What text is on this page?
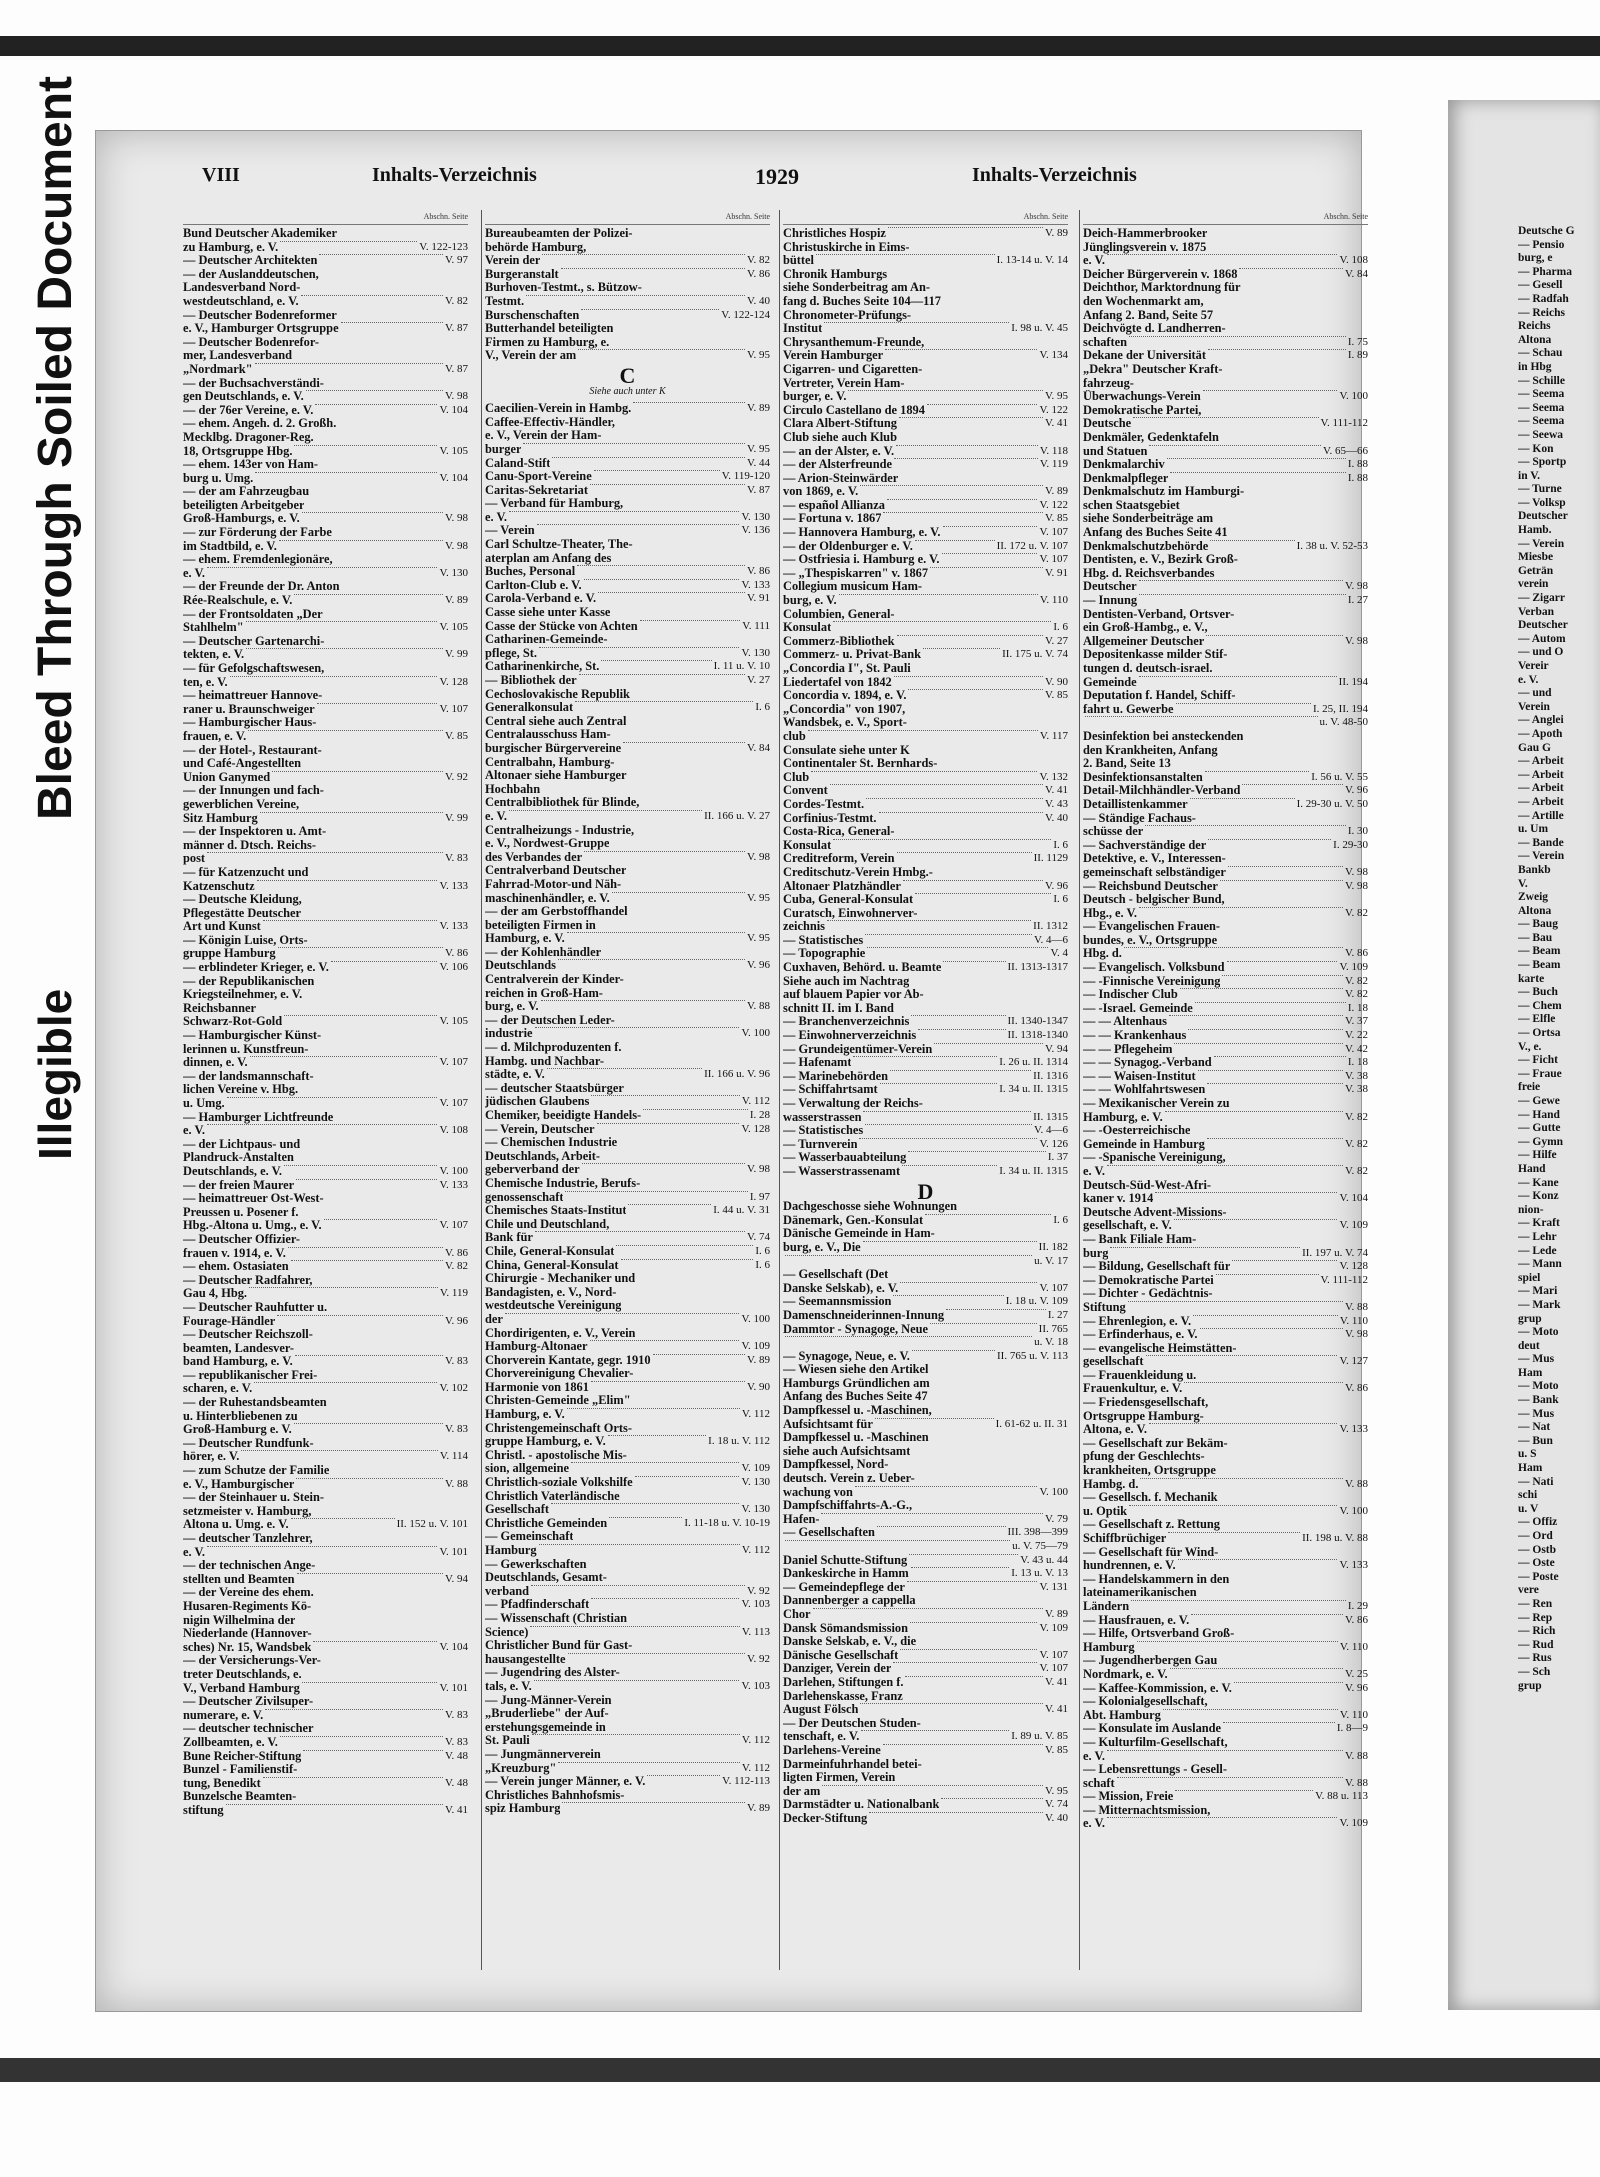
Deutsche G
— Pensio
burg, e
— Pharma
— Gesell
— Radfah
— Reichs
Reichs
Altona
— Schau
in Hbg
— Schille
— Seema
— Seema
— Seema
— Seewa
— Kon
— Sportp
in V.
— Turne
— Volksp
Deutscher
Hamb.
— Verein
Miesbe
Geträn
verein
— Zigarr
Verban
Deutscher
— Autom
— und O
Vereir
e. V.
— und
Verein
— Anglei
— Apoth
Gau G
— Arbeit
— Arbeit
— Arbeit
— Arbeit
— Artille
u. Um
— Bande
— Verein
Bankb
V.
Zweig
Altona
— Baug
— Bau
— Beam
— Beam
karte
— Buch
— Chem
— Elfle
— Ortsa
V., e.
— Ficht
— Fraue
freie
— Gewe
— Hand
— Gutte
— Gymn
— Hilfe
Hand
— Kane
— Konz
nion-
— Kraft
— Lehr
— Lede
— Mann
spiel
— Mari
— Mark
grup
— Moto
deut
— Mus
Ham
— Moto
— Bank
— Mus
— Nat
— Bun
u. S
Ham
— Nati
schi
u. V
— Offiz
— Ord
— Ostb
— Oste
— Poste
vere
— Ren
— Rep
— Rich
— Rud
— Rus
— Sch
grup
Illegible
Bleed Through Soiled Document	VIII	Inhalts-Verzeichnis	1929	Inhalts-Verzeichnis
Abschn. Seite
Bund Deutscher Akademiker
zu Hamburg, e. V.	V. 122-123
— Deutscher Architekten	V. 97
— der Auslanddeutschen,
Landesverband Nord-
westdeutschland, e. V.	V. 82
— Deutscher Bodenreformer
e. V., Hamburger Ortsgruppe	V. 87
— Deutscher Bodenrefor-
mer, Landesverband
„Nordmark"	V. 87
— der Buchsachverständi-
gen Deutschlands, e. V.	V. 98
— der 76er Vereine, e. V.	V. 104
— ehem. Angeh. d. 2. Großh.
Mecklbg. Dragoner-Reg.
18, Ortsgruppe Hbg.	V. 105
— ehem. 143er von Ham-
burg u. Umg.	V. 104
— der am Fahrzeugbau
beteiligten Arbeitgeber
Groß-Hamburgs, e. V.	V. 98
— zur Förderung der Farbe
im Stadtbild, e. V.	V. 98
— ehem. Fremdenlegionäre,
e. V.	V. 130
— der Freunde der Dr. Anton
Rée-Realschule, e. V.	V. 89
— der Frontsoldaten „Der
Stahlhelm"	V. 105
— Deutscher Gartenarchi-
tekten, e. V.	V. 99
— für Gefolgschaftswesen,
ten, e. V.	V. 128
— heimattreuer Hannove-
raner u. Braunschweiger	V. 107
— Hamburgischer Haus-
frauen, e. V.	V. 85
— der Hotel-, Restaurant-
und Café-Angestellten
Union Ganymed	V. 92
— der Innungen und fach-
gewerblichen Vereine,
Sitz Hamburg	V. 99
— der Inspektoren u. Amt-
männer d. Dtsch. Reichs-
post	V. 83
— für Katzenzucht und
Katzenschutz	V. 133
— Deutsche Kleidung,
Pflegestätte Deutscher
Art und Kunst	V. 133
— Königin Luise, Orts-
gruppe Hamburg	V. 86
— erblindeter Krieger, e. V.	V. 106
— der Republikanischen
Kriegsteilnehmer, e. V.
Reichsbanner
Schwarz-Rot-Gold	V. 105
— Hamburgischer Künst-
lerinnen u. Kunstfreun-
dinnen, e. V.	V. 107
— der landsmannschaft-
lichen Vereine v. Hbg.
u. Umg.	V. 107
— Hamburger Lichtfreunde
e. V.	V. 108
— der Lichtpaus- und
Plandruck-Anstalten
Deutschlands, e. V.	V. 100
— der freien Maurer	V. 133
— heimattreuer Ost-West-
Preussen u. Posener f.
Hbg.-Altona u. Umg., e. V.	V. 107
— Deutscher Offizier-
frauen v. 1914, e. V.	V. 86
— ehem. Ostasiaten	V. 82
— Deutscher Radfahrer,
Gau 4, Hbg.	V. 119
— Deutscher Rauhfutter u.
Fourage-Händler	V. 96
— Deutscher Reichszoll-
beamten, Landesver-
band Hamburg, e. V.	V. 83
— republikanischer Frei-
scharen, e. V.	V. 102
— der Ruhestandsbeamten
u. Hinterbliebenen zu
Groß-Hamburg e. V.	V. 83
— Deutscher Rundfunk-
hörer, e. V.	V. 114
— zum Schutze der Familie
e. V., Hamburgischer	V. 88
— der Steinhauer u. Stein-
setzmeister v. Hamburg,
Altona u. Umg. e. V.	II. 152 u. V. 101
— deutscher Tanzlehrer,
e. V.	V. 101
— der technischen Ange-
stellten und Beamten	V. 94
— der Vereine des ehem.
Husaren-Regiments Kö-
nigin Wilhelmina der
Niederlande (Hannover-
sches) Nr. 15, Wandsbek	V. 104
— der Versicherungs-Ver-
treter Deutschlands, e.
V., Verband Hamburg	V. 101
— Deutscher Zivilsuper-
numerare, e. V.	V. 83
— deutscher technischer
Zollbeamten, e. V.	V. 83
Bune Reicher-Stiftung	V. 48
Bunzel - Familienstif-
tung, Benedikt	V. 48
Bunzelsche Beamten-
stiftung	V. 41
Abschn. Seite
Bureaubeamten der Polizei-
behörde Hamburg,
Verein der	V. 82
Burgeranstalt	V. 86
Burhoven-Testmt., s. Bützow-
Testmt.	V. 40
Burschenschaften	V. 122-124
Butterhandel beteiligten
Firmen zu Hamburg, e.
V., Verein der am	V. 95
C
Siehe auch unter K
Caecilien-Verein in Hambg.	V. 89
Caffee-Effectiv-Händler,
e. V., Verein der Ham-
burger	V. 95
Caland-Stift	V. 44
Canu-Sport-Vereine	V. 119-120
Caritas-Sekretariat	V. 87
— Verband für Hamburg,
e. V.	V. 130
— Verein	V. 136
Carl Schultze-Theater, The-
aterplan am Anfang des
Buches, Personal	V. 86
Carlton-Club e. V.	V. 133
Carola-Verband e. V.	V. 91
Casse siehe unter Kasse
Casse der Stücke von Achten	V. 111
Catharinen-Gemeinde-
pflege, St.	V. 130
Catharinenkirche, St.	I. 11 u. V. 10
— Bibliothek der	V. 27
Cechoslovakische Republik
Generalkonsulat	I. 6
Central siehe auch Zentral
Centralausschuss Ham-
burgischer Bürgervereine	V. 84
Centralbahn, Hamburg-
Altonaer siehe Hamburger
Hochbahn
Centralbibliothek für Blinde,
e. V.	II. 166 u. V. 27
Centralheizungs - Industrie,
e. V., Nordwest-Gruppe
des Verbandes der	V. 98
Centralverband Deutscher
Fahrrad-Motor-und Näh-
maschinenhändler, e. V.	V. 95
— der am Gerbstoffhandel
beteiligten Firmen in
Hamburg, e. V.	V. 95
— der Kohlenhändler
Deutschlands	V. 96
Centralverein der Kinder-
reichen in Groß-Ham-
burg, e. V.	V. 88
— der Deutschen Leder-
industrie	V. 100
— d. Milchproduzenten f.
Hambg. und Nachbar-
städte, e. V.	II. 166 u. V. 96
— deutscher Staatsbürger
jüdischen Glaubens	V. 112
Chemiker, beeidigte Handels-	I. 28
— Verein, Deutscher	V. 128
— Chemischen Industrie
Deutschlands, Arbeit-
geberverband der	V. 98
Chemische Industrie, Berufs-
genossenschaft	I. 97
Chemisches Staats-Institut	I. 44 u. V. 31
Chile und Deutschland,
Bank für	V. 74
Chile, General-Konsulat	I. 6
China, General-Konsulat	I. 6
Chirurgie - Mechaniker und
Bandagisten, e. V., Nord-
westdeutsche Vereinigung
der	V. 100
Chordirigenten, e. V., Verein
Hamburg-Altonaer	V. 109
Chorverein Kantate, gegr. 1910	V. 89
Chorvereinigung Chevalier-
Harmonie von 1861	V. 90
Christen-Gemeinde „Elim"
Hamburg, e. V.	V. 112
Christengemeinschaft Orts-
gruppe Hamburg, e. V.	I. 18 u. V. 112
Christl. - apostolische Mis-
sion, allgemeine	V. 109
Christlich-soziale Volkshilfe	V. 130
Christlich Vaterländische
Gesellschaft	V. 130
Christliche Gemeinden	I. 11-18 u. V. 10-19
— Gemeinschaft
Hamburg	V. 112
— Gewerkschaften
Deutschlands, Gesamt-
verband	V. 92
— Pfadfinderschaft	V. 103
— Wissenschaft (Christian
Science)	V. 113
Christlicher Bund für Gast-
hausangestellte	V. 92
— Jugendring des Alster-
tals, e. V.	V. 103
— Jung-Männer-Verein
„Bruderliebe" der Auf-
erstehungsgemeinde in
St. Pauli	V. 112
— Jungmännerverein
„Kreuzburg"	V. 112
— Verein junger Männer, e. V.	V. 112-113
Christliches Bahnhofsmis-
spiz Hamburg	V. 89
Abschn. Seite
Christliches Hospiz	V. 89
Christuskirche in Eims-
büttel	I. 13-14 u. V. 14
Chronik Hamburgs
siehe Sonderbeitrag am An-
fang d. Buches Seite 104—117
Chronometer-Prüfungs-
Institut	I. 98 u. V. 45
Chrysanthemum-Freunde,
Verein Hamburger	V. 134
Cigarren- und Cigaretten-
Vertreter, Verein Ham-
burger, e. V.	V. 95
Circulo Castellano de 1894	V. 122
Clara Albert-Stiftung	V. 41
Club siehe auch Klub
— an der Alster, e. V.	V. 118
— der Alsterfreunde	V. 119
— Arion-Steinwärder
von 1869, e. V.	V. 89
— español Allianza	V. 122
— Fortuna v. 1867	V. 85
— Hannovera Hamburg, e. V.	V. 107
— der Oldenburger e. V.	II. 172 u. V. 107
— Ostfriesia i. Hamburg e. V.	V. 107
— „Thespiskarren" v. 1867	V. 91
Collegium musicum Ham-
burg, e. V.	V. 110
Columbien, General-
Konsulat	I. 6
Commerz-Bibliothek	V. 27
Commerz- u. Privat-Bank	II. 175 u. V. 74
„Concordia I", St. Pauli
Liedertafel von 1842	V. 90
Concordia v. 1894, e. V.	V. 85
„Concordia" von 1907,
Wandsbek, e. V., Sport-
club	V. 117
Consulate siehe unter K
Continentaler St. Bernhards-
Club	V. 132
Convent	V. 41
Cordes-Testmt.	V. 43
Corfinius-Testmt.	V. 40
Costa-Rica, General-
Konsulat	I. 6
Creditreform, Verein	II. 1129
Creditschutz-Verein Hmbg.-
Altonaer Platzhändler	V. 96
Cuba, General-Konsulat	I. 6
Curatsch, Einwohnerver-
zeichnis	II. 1312
— Statistisches	V. 4—6
— Topographie	V. 4
Cuxhaven, Behörd. u. Beamte	II. 1313-1317
Siehe auch im Nachtrag
auf blauem Papier vor Ab-
schnitt II. im I. Band
— Branchenverzeichnis	II. 1340-1347
— Einwohnerverzeichnis	II. 1318-1340
— Grundeigentümer-Verein	V. 94
— Hafenamt	I. 26 u. II. 1314
— Marinebehörden	II. 1316
— Schiffahrtsamt	I. 34 u. II. 1315
— Verwaltung der Reichs-
wasserstrassen	II. 1315
— Statistisches	V. 4—6
— Turnverein	V. 126
— Wasserbauabteilung	I. 37
— Wasserstrassenamt	I. 34 u. II. 1315
D
Dachgeschosse siehe Wohnungen
Dänemark, Gen.-Konsulat	I. 6
Dänische Gemeinde in Ham-
burg, e. V., Die	II. 182
u. V. 17
— Gesellschaft (Det
Danske Selskab), e. V.	V. 107
— Seemannsmission	I. 18 u. V. 109
Damenschneiderinnen-Innung	I. 27
Dammtor - Synagoge, Neue	II. 765
u. V. 18
— Synagoge, Neue, e. V.	II. 765 u. V. 113
— Wiesen siehe den Artikel
Hamburgs Gründlichen am
Anfang des Buches Seite 47
Dampfkessel u. -Maschinen,
Aufsichtsamt für	I. 61-62 u. II. 31
Dampfkessel u. -Maschinen
siehe auch Aufsichtsamt
Dampfkessel, Nord-
deutsch. Verein z. Ueber-
wachung von	V. 100
Dampfschiffahrts-A.-G.,
Hafen-	V. 79
— Gesellschaften	III. 398—399
u. V. 75—79
Daniel Schutte-Stiftung	V. 43 u. 44
Dankeskirche in Hamm	I. 13 u. V. 13
— Gemeindepflege der	V. 131
Dannenberger a cappella
Chor	V. 89
Dansk Sömandsmission	V. 109
Danske Selskab, e. V., die
Dänische Gesellschaft	V. 107
Danziger, Verein der	V. 107
Darlehen, Stiftungen f.	V. 41
Darlehenskasse, Franz
August Fölsch	V. 41
— Der Deutschen Studen-
tenschaft, e. V.	I. 89 u. V. 85
Darlehens-Vereine	V. 85
Darmeinfuhrhandel betei-
ligten Firmen, Verein
der am	V. 95
Darmstädter u. Nationalbank	V. 74
Decker-Stiftung	V. 40
Abschn. Seite
Deich-Hammerbrooker
Jünglingsverein v. 1875
e. V.	V. 108
Deicher Bürgerverein v. 1868	V. 84
Deichthor, Marktordnung für
den Wochenmarkt am,
Anfang 2. Band, Seite 57
Deichvögte d. Landherren-
schaften	I. 75
Dekane der Universität	I. 89
„Dekra" Deutscher Kraft-
fahrzeug-
Überwachungs-Verein	V. 100
Demokratische Partei,
Deutsche	V. 111-112
Denkmäler, Gedenktafeln
und Statuen	V. 65—66
Denkmalarchiv	I. 88
Denkmalpfleger	I. 88
Denkmalschutz im Hamburgi-
schen Staatsgebiet
siehe Sonderbeiträge am
Anfang des Buches Seite 41
Denkmalschutzbehörde	I. 38 u. V. 52-53
Dentisten, e. V., Bezirk Groß-
Hbg. d. Reichsverbandes
Deutscher	V. 98
— Innung	I. 27
Dentisten-Verband, Ortsver-
ein Groß-Hambg., e. V.,
Allgemeiner Deutscher	V. 98
Depositenkasse milder Stif-
tungen d. deutsch-israel.
Gemeinde	II. 194
Deputation f. Handel, Schiff-
fahrt u. Gewerbe	I. 25, II. 194
u. V. 48-50
Desinfektion bei ansteckenden
den Krankheiten, Anfang
2. Band, Seite 13
Desinfektionsanstalten	I. 56 u. V. 55
Detail-Milchhändler-Verband	V. 96
Detaillistenkammer	I. 29-30 u. V. 50
— Ständige Fachaus-
schüsse der	I. 30
— Sachverständige der	I. 29-30
Detektive, e. V., Interessen-
gemeinschaft selbständiger	V. 98
— Reichsbund Deutscher	V. 98
Deutsch - belgischer Bund,
Hbg., e. V.	V. 82
— Evangelischen Frauen-
bundes, e. V., Ortsgruppe
Hbg. d.	V. 86
— Evangelisch. Volksbund	V. 109
— -Finnische Vereinigung	V. 82
— Indischer Club	V. 82
— -Israel. Gemeinde	I. 18
— — Altenhaus	V. 37
— — Krankenhaus	V. 22
— — Pflegeheim	V. 42
— — Synagog.-Verband	I. 18
— — Waisen-Institut	V. 38
— — Wohlfahrtswesen	V. 38
— Mexikanischer Verein zu
Hamburg, e. V.	V. 82
— -Oesterreichische
Gemeinde in Hamburg	V. 82
— -Spanische Vereinigung,
e. V.	V. 82
Deutsch-Süd-West-Afri-
kaner v. 1914	V. 104
Deutsche Advent-Missions-
gesellschaft, e. V.	V. 109
— Bank Filiale Ham-
burg	II. 197 u. V. 74
— Bildung, Gesellschaft für	V. 128
— Demokratische Partei	V. 111-112
— Dichter - Gedächtnis-
Stiftung	V. 88
— Ehrenlegion, e. V.	V. 110
— Erfinderhaus, e. V.	V. 98
— evangelische Heimstätten-
gesellschaft	V. 127
— Frauenkleidung u.
Frauenkultur, e. V.	V. 86
— Friedensgesellschaft,
Ortsgruppe Hamburg-
Altona, e. V.	V. 133
— Gesellschaft zur Bekäm-
pfung der Geschlechts-
krankheiten, Ortsgruppe
Hambg. d.	V. 88
— Gesellsch. f. Mechanik
u. Optik	V. 100
— Gesellschaft z. Rettung
Schiffbrüchiger	II. 198 u. V. 88
— Gesellschaft für Wind-
hundrennen, e. V.	V. 133
— Handelskammern in den
lateinamerikanischen
Ländern	I. 29
— Hausfrauen, e. V.	V. 86
— Hilfe, Ortsverband Groß-
Hamburg	V. 110
— Jugendherbergen Gau
Nordmark, e. V.	V. 25
— Kaffee-Kommission, e. V.	V. 96
— Kolonialgesellschaft,
Abt. Hamburg	V. 110
— Konsulate im Auslande	I. 8—9
— Kulturfilm-Gesellschaft,
e. V.	V. 88
— Lebensrettungs - Gesell-
schaft	V. 88
— Mission, Freie	V. 88 u. 113
— Mitternachtsmission,
e. V.	V. 109
